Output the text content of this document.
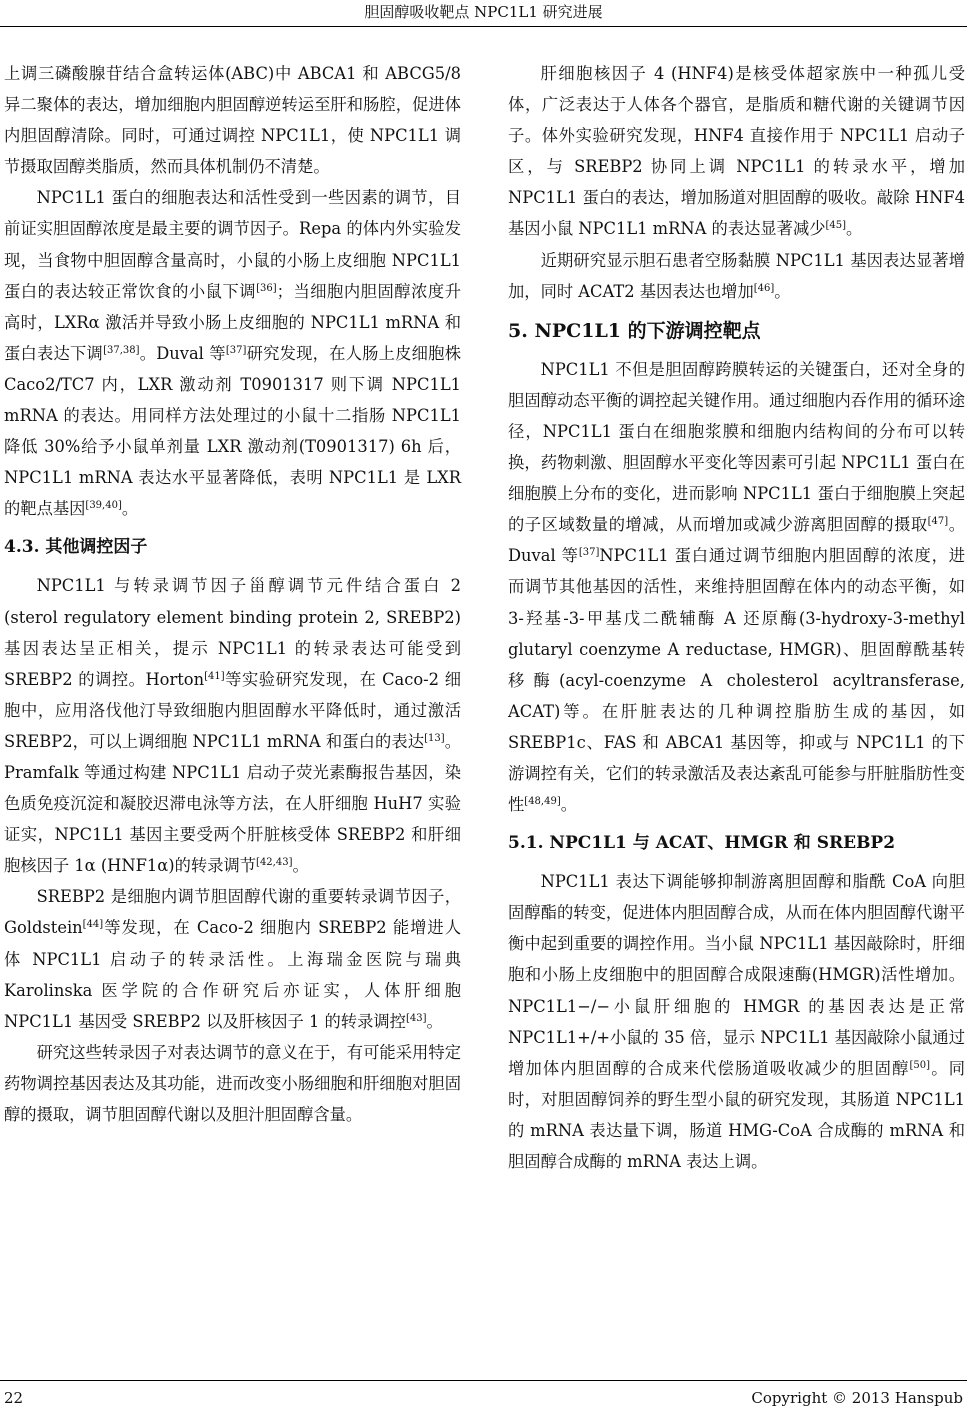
胆固醇吸收靶点 NPC1L1 研究进展

上调三磷酸腺苷结合盒转运体(ABC)中 ABCA1 和 ABCG5/8 异二聚体的表达，增加细胞内胆固醇逆转运至肝和肠腔，促进体内胆固醇清除。同时，可通过调控 NPC1L1，使 NPC1L1 调节摄取固醇类脂质，然而具体机制仍不清楚。

NPC1L1 蛋白的细胞表达和活性受到一些因素的调节，目前证实胆固醇浓度是最主要的调节因子。Repa 的体内外实验发现，当食物中胆固醇含量高时，小鼠的小肠上皮细胞 NPC1L1 蛋白的表达较正常饮食的小鼠下调[36]；当细胞内胆固醇浓度升高时，LXRα 激活并导致小肠上皮细胞的 NPC1L1 mRNA 和蛋白表达下调[37,38]。Duval 等[37]研究发现，在人肠上皮细胞株 Caco2/TC7 内，LXR 激动剂 T0901317 则下调 NPC1L1 mRNA 的表达。用同样方法处理过的小鼠十二指肠 NPC1L1 降低 30%给予小鼠单剂量 LXR 激动剂(T0901317) 6h 后，NPC1L1 mRNA 表达水平显著降低，表明 NPC1L1 是 LXR 的靶点基因[39,40]。

4.3. 其他调控因子

NPC1L1 与转录调节因子甾醇调节元件结合蛋白 2 (sterol regulatory element binding protein 2, SREBP2) 基因表达呈正相关，提示 NPC1L1 的转录表达可能受到 SREBP2 的调控。Horton[41]等实验研究发现，在 Caco-2 细胞中，应用洛伐他汀导致细胞内胆固醇水平降低时，通过激活 SREBP2，可以上调细胞 NPC1L1 mRNA 和蛋白的表达[13]。Pramfalk 等通过构建 NPC1L1 启动子荧光素酶报告基因，染色质免疫沉淀和凝胶迟滞电泳等方法，在人肝细胞 HuH7 实验证实，NPC1L1 基因主要受两个肝脏核受体 SREBP2 和肝细胞核因子 1α (HNF1α)的转录调节[42,43]。

SREBP2 是细胞内调节胆固醇代谢的重要转录调节因子，Goldstein[44]等发现，在 Caco-2 细胞内 SREBP2 能增进人体 NPC1L1 启动子的转录活性。上海瑞金医院与瑞典 Karolinska 医学院的合作研究后亦证实，人体肝细胞 NPC1L1 基因受 SREBP2 以及肝核因子 1 的转录调控[43]。

研究这些转录因子对表达调节的意义在于，有可能采用特定药物调控基因表达及其功能，进而改变小肠细胞和肝细胞对胆固醇的摄取，调节胆固醇代谢以及胆汁胆固醇含量。

肝细胞核因子 4 (HNF4)是核受体超家族中一种孤儿受体，广泛表达于人体各个器官，是脂质和糖代谢的关键调节因子。体外实验研究发现，HNF4 直接作用于 NPC1L1 启动子区，与 SREBP2 协同上调 NPC1L1 的转录水平，增加 NPC1L1 蛋白的表达，增加肠道对胆固醇的吸收。敲除 HNF4 基因小鼠 NPC1L1 mRNA 的表达显著减少[45]。

近期研究显示胆石患者空肠黏膜 NPC1L1 基因表达显著增加，同时 ACAT2 基因表达也增加[46]。

5. NPC1L1 的下游调控靶点

NPC1L1 不但是胆固醇跨膜转运的关键蛋白，还对全身的胆固醇动态平衡的调控起关键作用。通过细胞内吞作用的循环途径，NPC1L1 蛋白在细胞浆膜和细胞内结构间的分布可以转换，药物刺激、胆固醇水平变化等因素可引起 NPC1L1 蛋白在细胞膜上分布的变化，进而影响 NPC1L1 蛋白于细胞膜上突起的子区域数量的增减，从而增加或减少游离胆固醇的摄取[47]。Duval 等[37]NPC1L1 蛋白通过调节细胞内胆固醇的浓度，进而调节其他基因的活性，来维持胆固醇在体内的动态平衡，如 3-羟基-3-甲基戊二酰辅酶 A 还原酶(3-hydroxy-3-methyl glutaryl coenzyme A reductase, HMGR)、胆固醇酰基转移酶(acyl-coenzyme A cholesterol acyltransferase, ACAT)等。在肝脏表达的几种调控脂肪生成的基因，如 SREBP1c、FAS 和 ABCA1 基因等，抑或与 NPC1L1 的下游调控有关，它们的转录激活及表达紊乱可能参与肝脏脂肪性变性[48,49]。

5.1. NPC1L1 与 ACAT、HMGR 和 SREBP2

NPC1L1 表达下调能够抑制游离胆固醇和脂酰 CoA 向胆固醇酯的转变，促进体内胆固醇合成，从而在体内胆固醇代谢平衡中起到重要的调控作用。当小鼠 NPC1L1 基因敲除时，肝细胞和小肠上皮细胞中的胆固醇合成限速酶(HMGR)活性增加。NPC1L1−/−小鼠肝细胞的 HMGR 的基因表达是正常 NPC1L1+/+小鼠的 35 倍，显示 NPC1L1 基因敲除小鼠通过增加体内胆固醇的合成来代偿肠道吸收减少的胆固醇[50]。同时，对胆固醇饲养的野生型小鼠的研究发现，其肠道 NPC1L1 的 mRNA 表达量下调，肠道 HMG-CoA 合成酶的 mRNA 和胆固醇合成酶的 mRNA 表达上调。

22	Copyright © 2013 Hanspub
